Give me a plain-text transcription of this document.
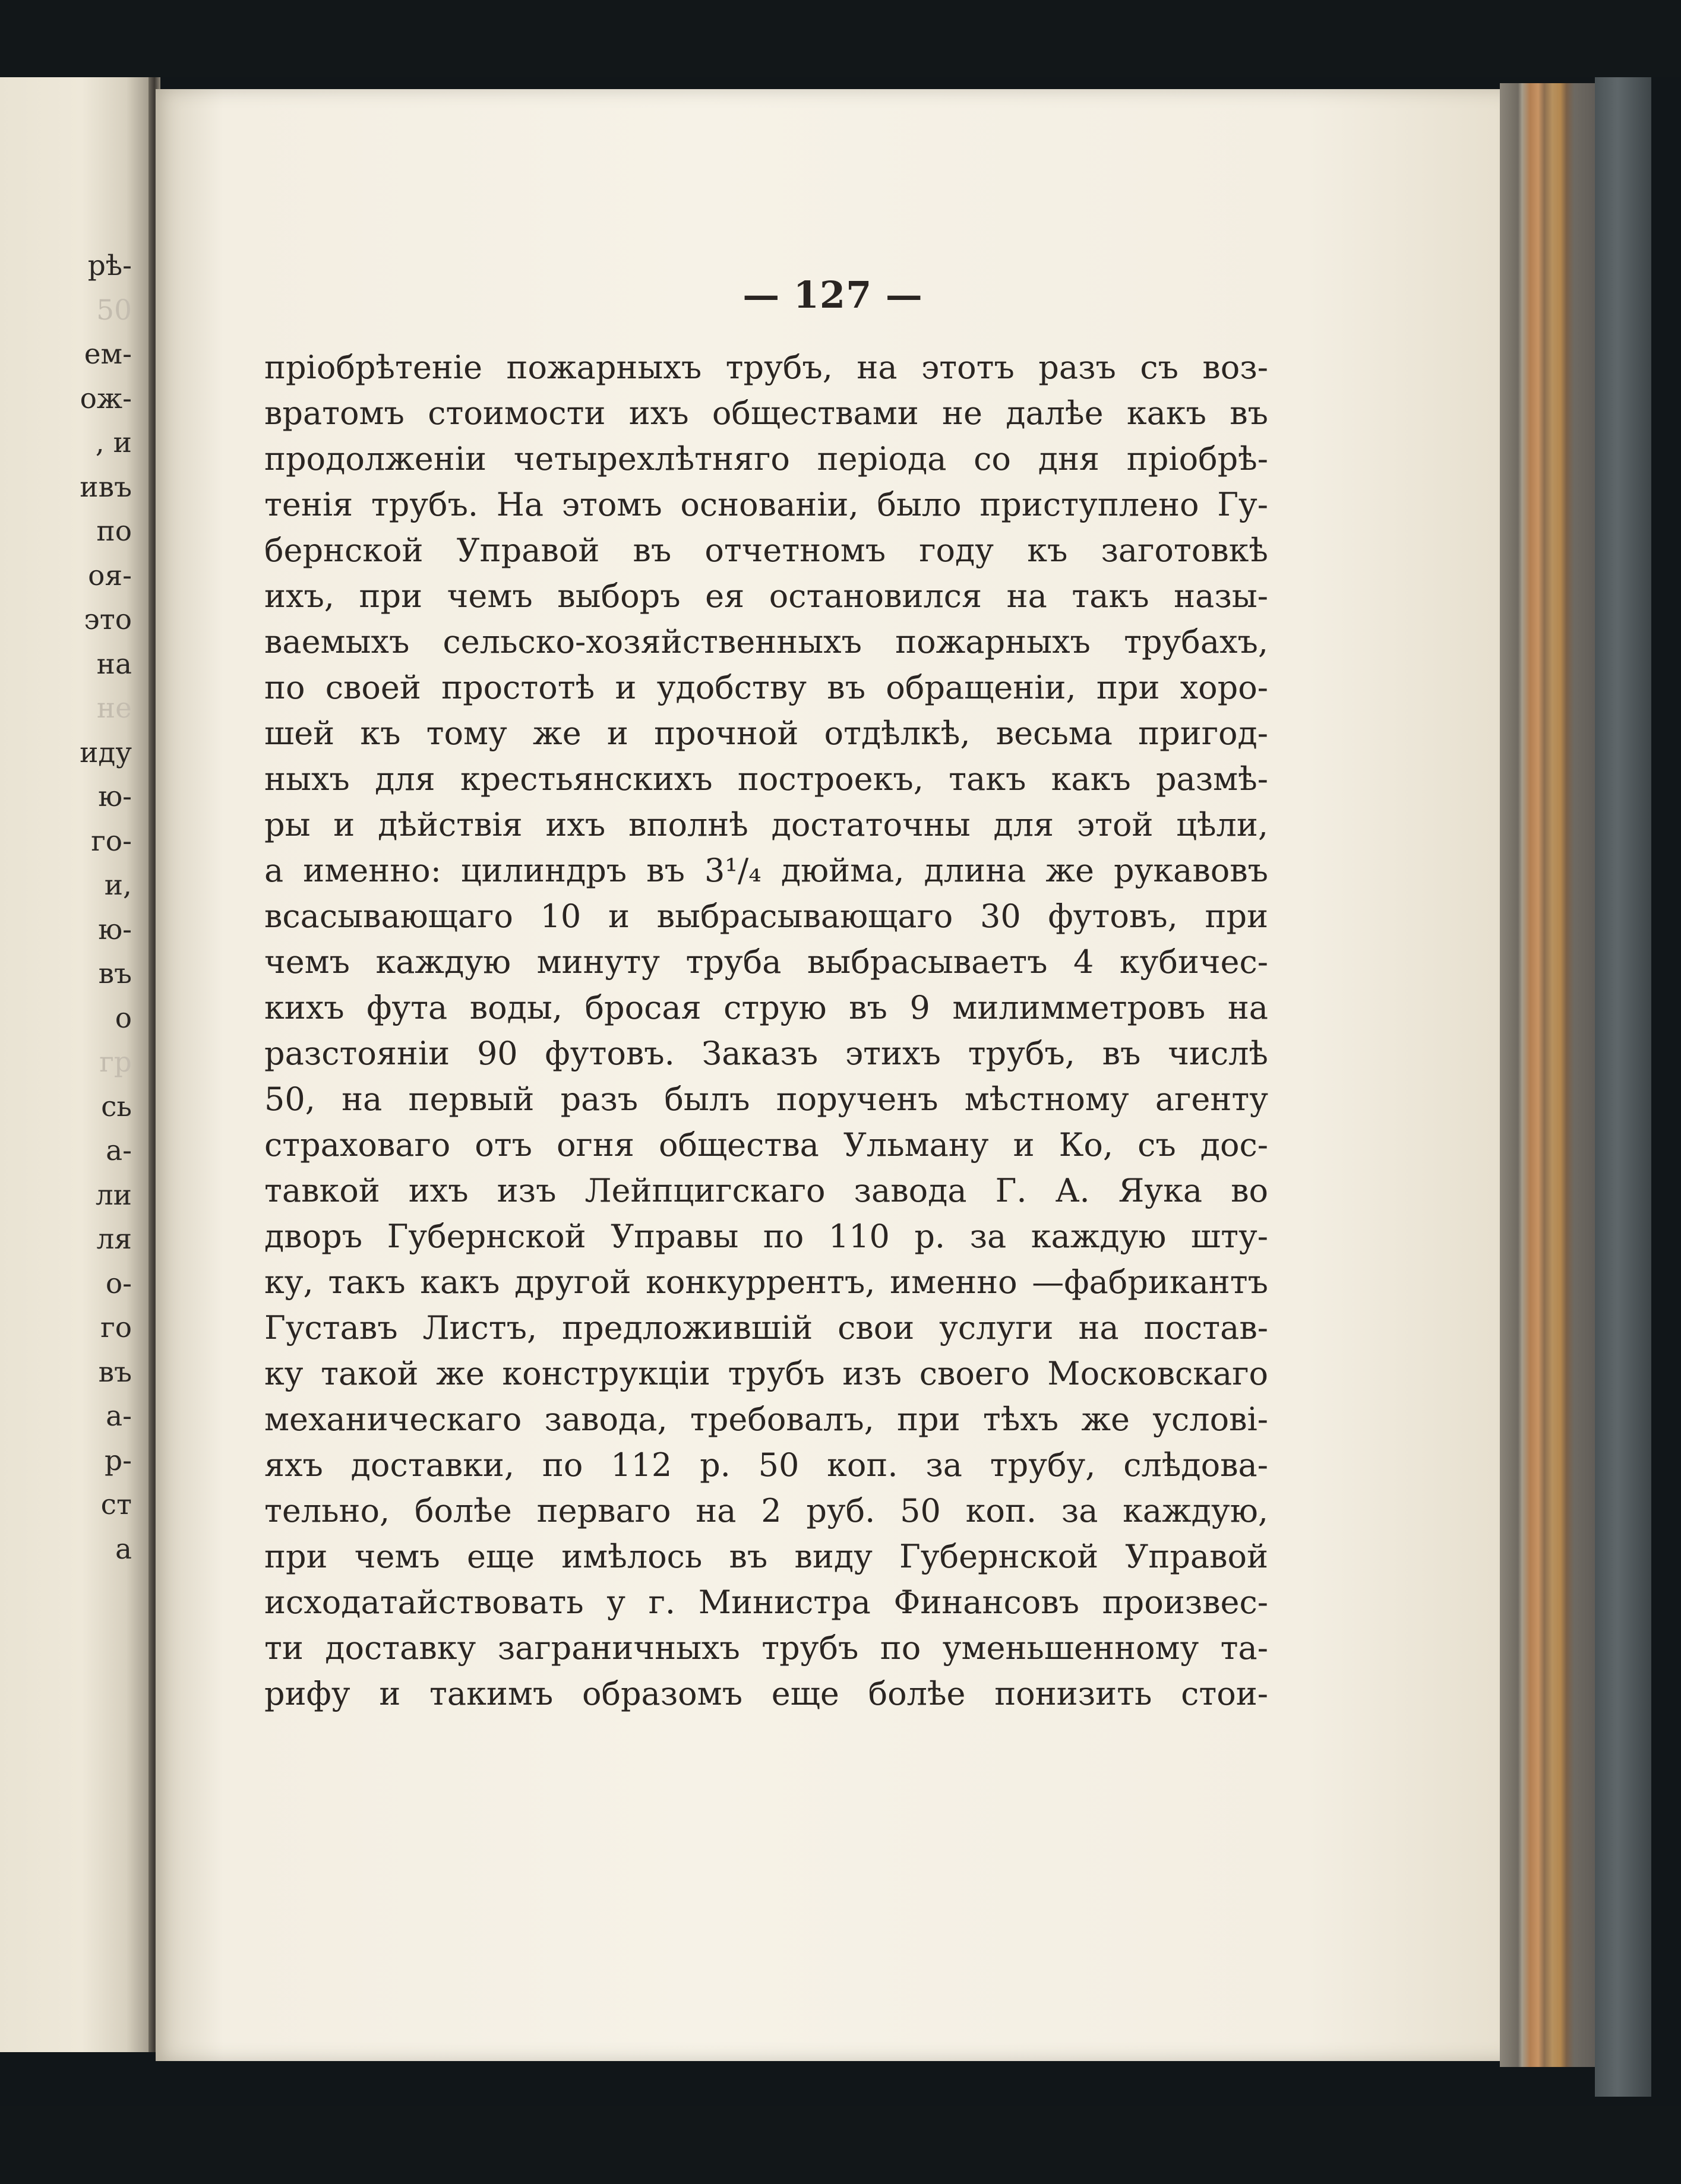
рѣ-
50
ем-
ож-
, и
ивъ
по
оя-
это
на
не
иду
ю-
го-
и,
ю-
въ
о
гр
сь
а-
ли
ля
о-
го
въ
а-
р-
ст
а
— 127 —
пріобрѣтеніе пожарныхъ трубъ, на этотъ разъ съ воз-
вратомъ стоимости ихъ обществами не далѣе какъ въ
продолженіи четырехлѣтняго періода со дня пріобрѣ-
тенія трубъ. На этомъ основаніи, было приступлено Гу-
бернской Управой въ отчетномъ году къ заготовкѣ
ихъ, при чемъ выборъ ея остановился на такъ назы-
ваемыхъ сельско-хозяйственныхъ пожарныхъ трубахъ,
по своей простотѣ и удобству въ обращеніи, при хоро-
шей къ тому же и прочной отдѣлкѣ, весьма пригод-
ныхъ для крестьянскихъ построекъ, такъ какъ размѣ-
ры и дѣйствія ихъ вполнѣ достаточны для этой цѣли,
а именно: цилиндръ въ 3¹/₄ дюйма, длина же рукавовъ
всасывающаго 10 и выбрасывающаго 30 футовъ, при
чемъ каждую минуту труба выбрасываетъ 4 кубичес-
кихъ фута воды, бросая струю въ 9 милимметровъ на
разстояніи 90 футовъ. Заказъ этихъ трубъ, въ числѣ
50, на первый разъ былъ порученъ мѣстному агенту
страховаго отъ огня общества Ульману и Ко, съ дос-
тавкой ихъ изъ Лейпцигскаго завода Г. А. Яука во
дворъ Губернской Управы по 110 р. за каждую шту-
ку, такъ какъ другой конкуррентъ, именно —фабрикантъ
Густавъ Листъ, предложившій свои услуги на постав-
ку такой же конструкціи трубъ изъ своего Московскаго
механическаго завода, требовалъ, при тѣхъ же услові-
яхъ доставки, по 112 р. 50 коп. за трубу, слѣдова-
тельно, болѣе перваго на 2 руб. 50 коп. за каждую,
при чемъ еще имѣлось въ виду Губернской Управой
исходатайствовать у г. Министра Финансовъ произвес-
ти доставку заграничныхъ трубъ по уменьшенному та-
рифу и такимъ образомъ еще болѣе понизить стои-
